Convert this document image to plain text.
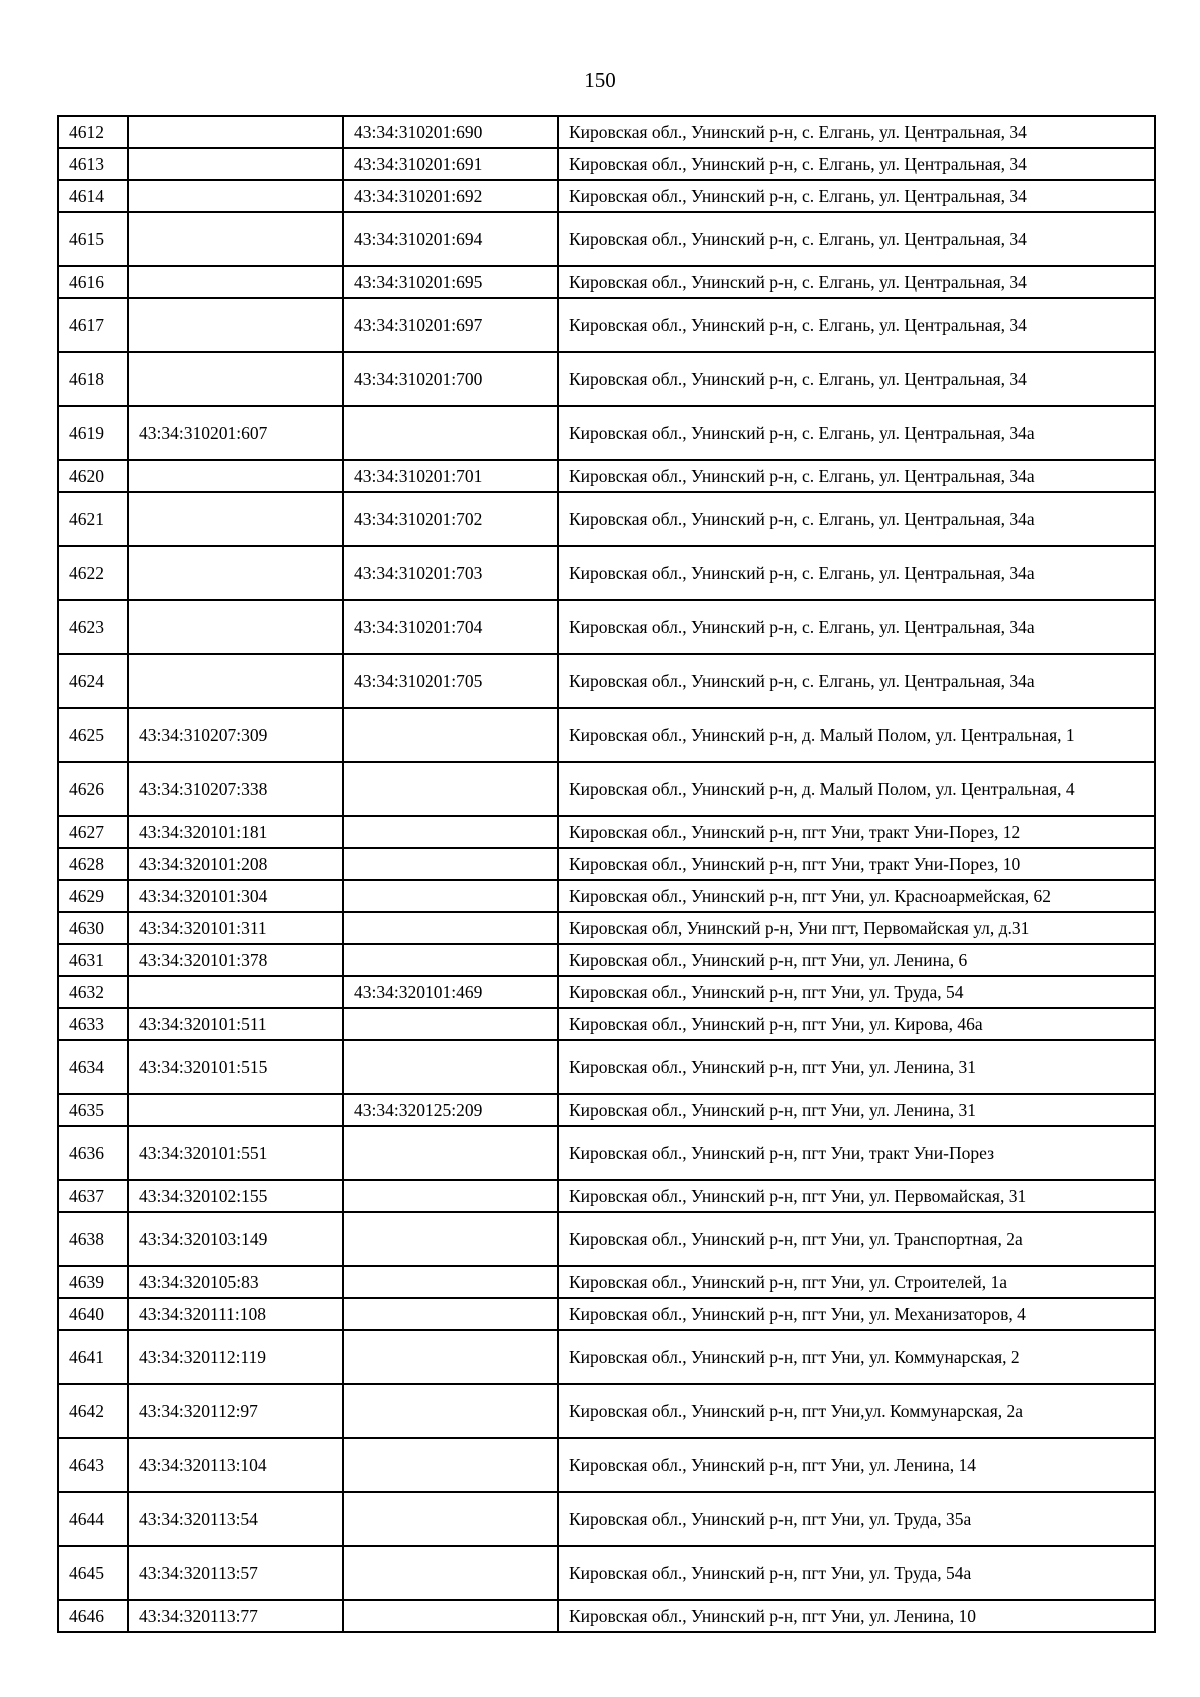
150
4612		43:34:310201:690	Кировская обл., Унинский р-н, с. Елгань, ул. Центральная, 34
4613		43:34:310201:691	Кировская обл., Унинский р-н, с. Елгань, ул. Центральная, 34
4614		43:34:310201:692	Кировская обл., Унинский р-н, с. Елгань, ул. Центральная, 34
4615		43:34:310201:694	Кировская обл., Унинский р-н, с. Елгань, ул. Центральная, 34
4616		43:34:310201:695	Кировская обл., Унинский р-н, с. Елгань, ул. Центральная, 34
4617		43:34:310201:697	Кировская обл., Унинский р-н, с. Елгань, ул. Центральная, 34
4618		43:34:310201:700	Кировская обл., Унинский р-н, с. Елгань, ул. Центральная, 34
4619	43:34:310201:607		Кировская обл., Унинский р-н, с. Елгань, ул. Центральная, 34а
4620		43:34:310201:701	Кировская обл., Унинский р-н, с. Елгань, ул. Центральная, 34а
4621		43:34:310201:702	Кировская обл., Унинский р-н, с. Елгань, ул. Центральная, 34а
4622		43:34:310201:703	Кировская обл., Унинский р-н, с. Елгань, ул. Центральная, 34а
4623		43:34:310201:704	Кировская обл., Унинский р-н, с. Елгань, ул. Центральная, 34а
4624		43:34:310201:705	Кировская обл., Унинский р-н, с. Елгань, ул. Центральная, 34а
4625	43:34:310207:309		Кировская обл., Унинский р-н, д. Малый Полом, ул. Центральная, 1
4626	43:34:310207:338		Кировская обл., Унинский р-н, д. Малый Полом, ул. Центральная, 4
4627	43:34:320101:181		Кировская обл., Унинский р-н, пгт Уни, тракт Уни-Порез, 12
4628	43:34:320101:208		Кировская обл., Унинский р-н, пгт Уни, тракт Уни-Порез, 10
4629	43:34:320101:304		Кировская обл., Унинский р-н, пгт Уни, ул. Красноармейская, 62
4630	43:34:320101:311		Кировская обл, Унинский р-н, Уни пгт, Первомайская ул, д.31
4631	43:34:320101:378		Кировская обл., Унинский р-н, пгт Уни, ул. Ленина, 6
4632		43:34:320101:469	Кировская обл., Унинский р-н, пгт Уни, ул. Труда, 54
4633	43:34:320101:511		Кировская обл., Унинский р-н, пгт Уни, ул. Кирова, 46а
4634	43:34:320101:515		Кировская обл., Унинский р-н, пгт Уни, ул. Ленина, 31
4635		43:34:320125:209	Кировская обл., Унинский р-н, пгт Уни, ул. Ленина, 31
4636	43:34:320101:551		Кировская обл., Унинский р-н, пгт Уни, тракт Уни-Порез
4637	43:34:320102:155		Кировская обл., Унинский р-н, пгт Уни, ул. Первомайская, 31
4638	43:34:320103:149		Кировская обл., Унинский р-н, пгт Уни, ул. Транспортная, 2а
4639	43:34:320105:83		Кировская обл., Унинский р-н, пгт Уни, ул. Строителей, 1а
4640	43:34:320111:108		Кировская обл., Унинский р-н, пгт Уни, ул. Механизаторов, 4
4641	43:34:320112:119		Кировская обл., Унинский р-н, пгт Уни, ул. Коммунарская, 2
4642	43:34:320112:97		Кировская обл., Унинский р-н, пгт Уни,ул. Коммунарская, 2а
4643	43:34:320113:104		Кировская обл., Унинский р-н, пгт Уни, ул. Ленина, 14
4644	43:34:320113:54		Кировская обл., Унинский р-н, пгт Уни, ул. Труда, 35а
4645	43:34:320113:57		Кировская обл., Унинский р-н, пгт Уни, ул. Труда, 54а
4646	43:34:320113:77		Кировская обл., Унинский р-н, пгт Уни, ул. Ленина, 10
